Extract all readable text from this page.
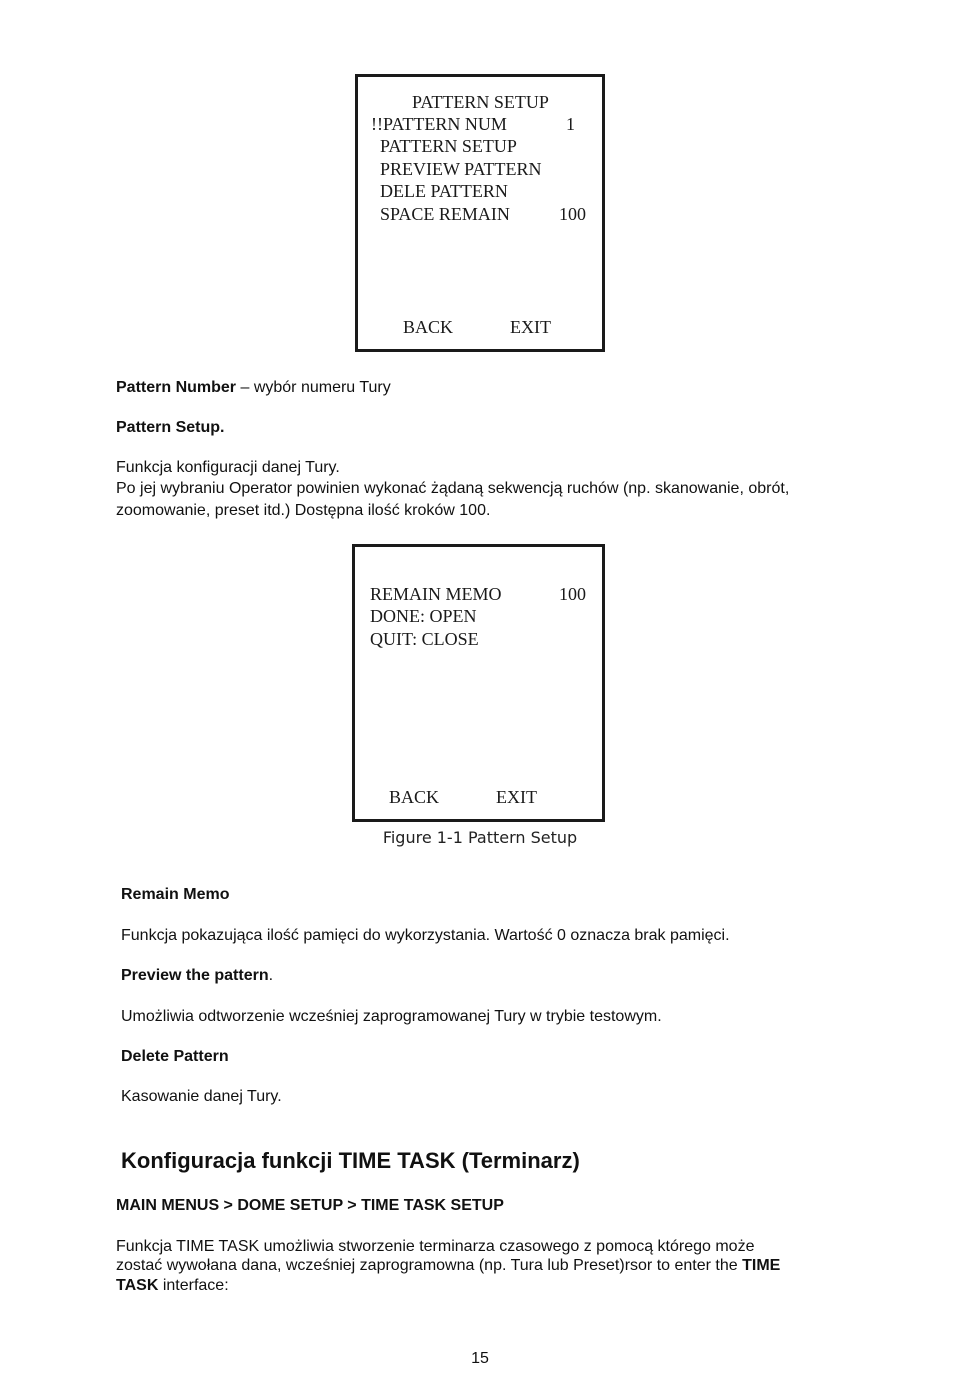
PATTERN SETUP
!!PATTERN NUM	1
PATTERN SETUP
PREVIEW PATTERN
DELE PATTERN
SPACE REMAIN	100
BACK	EXIT
Pattern Number – wybór numeru Tury
Pattern Setup.
Funkcja konfiguracji danej Tury.
Po jej wybraniu Operator powinien wykonać żądaną sekwencją ruchów (np. skanowanie, obrót,
zoomowanie, preset itd.) Dostępna ilość kroków 100.
REMAIN MEMO	100
DONE: OPEN
QUIT: CLOSE
BACK	EXIT
Figure 1-1 Pattern Setup
Remain Memo
Funkcja pokazująca ilość pamięci do wykorzystania. Wartość 0 oznacza brak pamięci.
Preview the pattern.
Umożliwia odtworzenie wcześniej zaprogramowanej Tury w trybie testowym.
Delete Pattern
Kasowanie danej Tury.
Konfiguracja funkcji TIME TASK (Terminarz)
MAIN MENUS > DOME SETUP > TIME TASK SETUP
Funkcja TIME TASK umożliwia stworzenie terminarza czasowego z pomocą którego może
zostać wywołana dana, wcześniej zaprogramowna (np. Tura lub Preset)rsor to enter the TIME
TASK interface:
15
